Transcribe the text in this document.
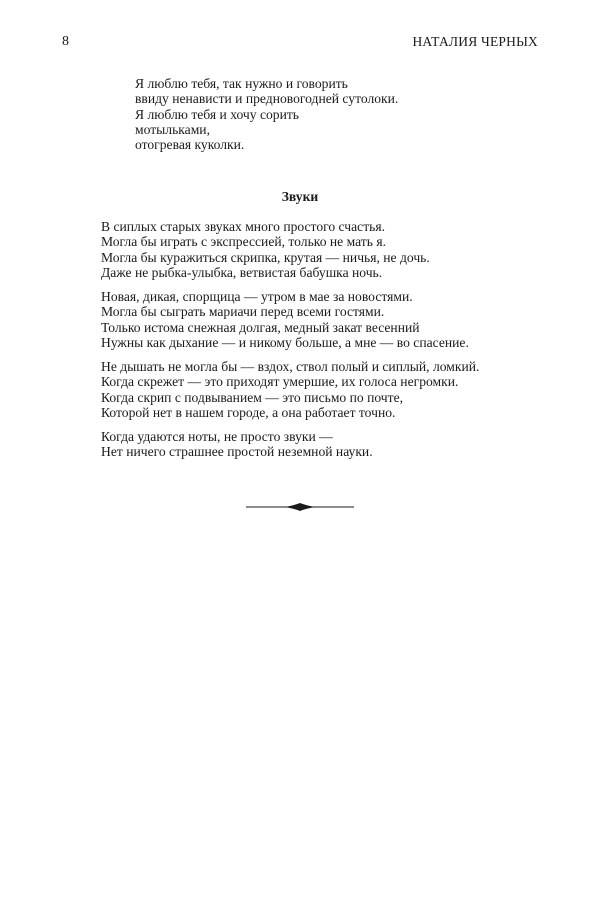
8	НАТАЛИЯ ЧЕРНЫХ
Я люблю тебя, так нужно и говорить
ввиду ненависти и предновогодней сутолоки.
Я люблю тебя и хочу сорить
мотыльками,
отогревая куколки.
Звуки
В сиплых старых звуках много простого счастья.
Могла бы играть с экспрессией, только не мать я.
Могла бы куражиться скрипка, крутая — ничья, не дочь.
Даже не рыбка-улыбка, ветвистая бабушка ночь.
Новая, дикая, спорщица — утром в мае за новостями.
Могла бы сыграть мариачи перед всеми гостями.
Только истома снежная долгая, медный закат весенний
Нужны как дыхание — и никому больше, а мне — во спасение.
Не дышать не могла бы — вздох, ствол полый и сиплый, ломкий.
Когда скрежет — это приходят умершие, их голоса негромки.
Когда скрип с подвыванием — это письмо по почте,
Которой нет в нашем городе, а она работает точно.
Когда удаются ноты, не просто звуки —
Нет ничего страшнее простой неземной науки.
